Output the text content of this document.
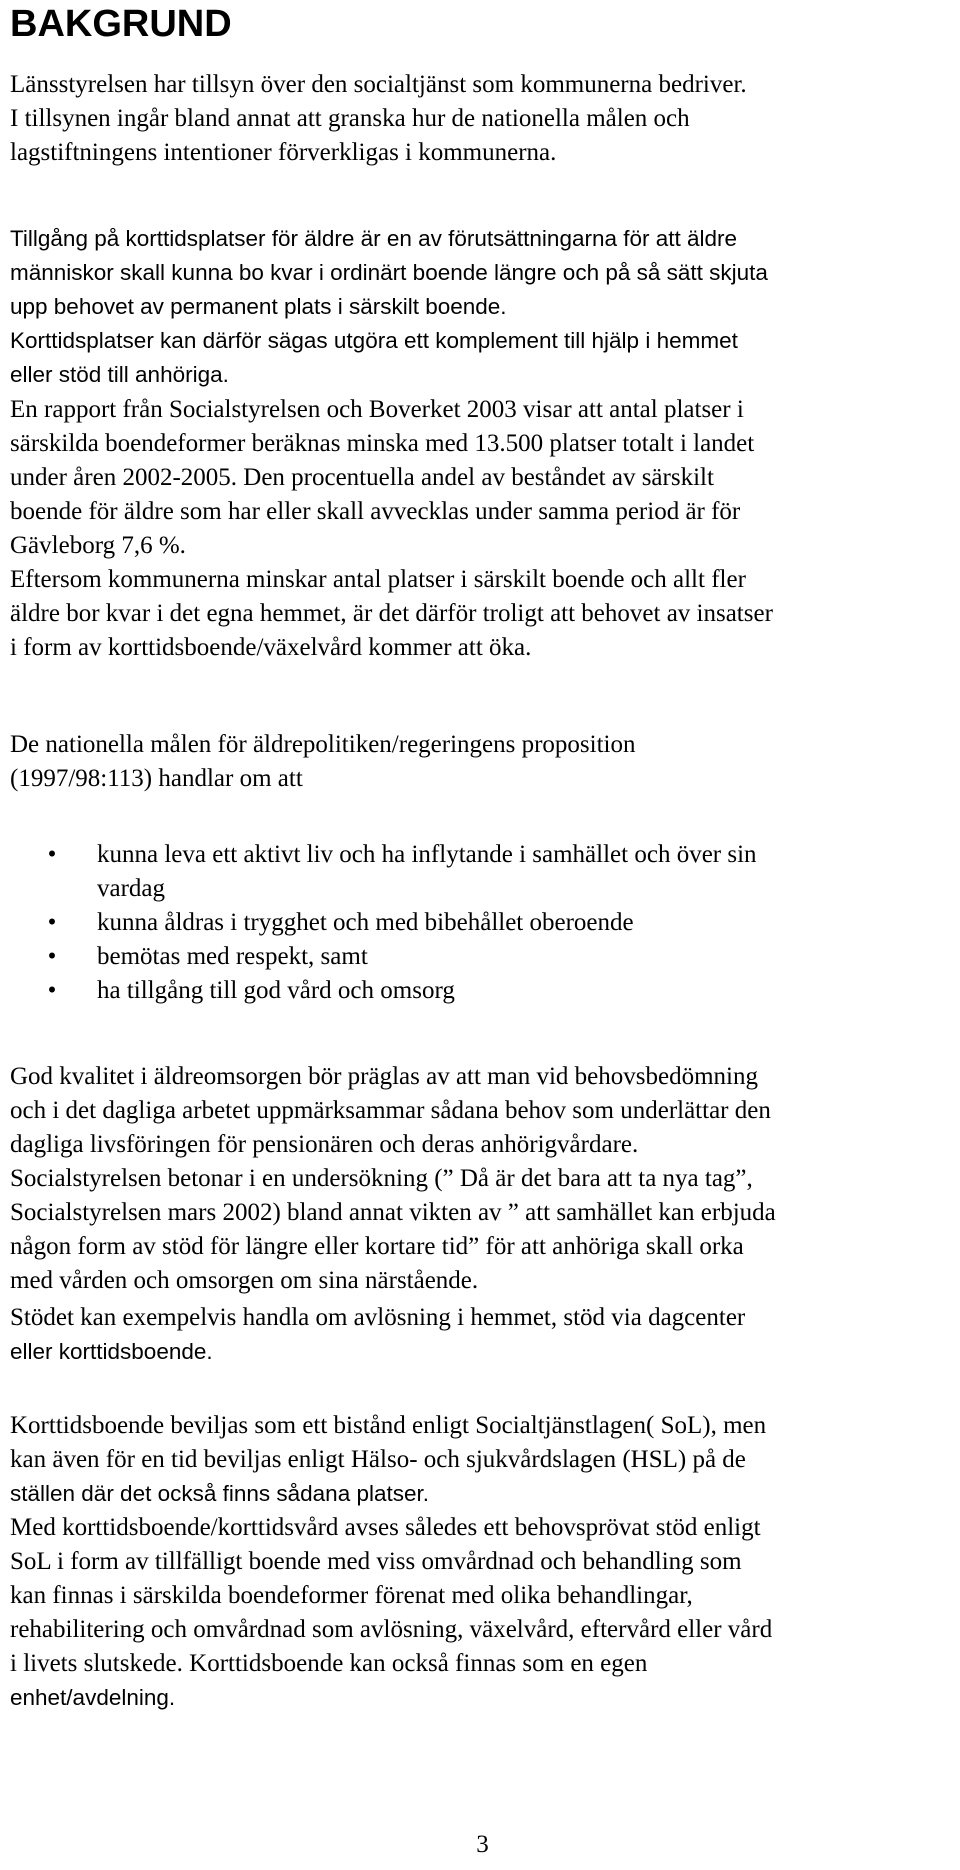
BAKGRUND
Länsstyrelsen har tillsyn över den socialtjänst som kommunerna bedriver.
I tillsynen ingår bland annat att granska hur de nationella målen och
lagstiftningens intentioner förverkligas i kommunerna.
Tillgång på korttidsplatser för äldre är en av förutsättningarna för att äldre
människor skall kunna bo kvar i ordinärt boende längre och på så sätt skjuta
upp behovet av permanent plats i särskilt boende.
Korttidsplatser kan därför sägas utgöra ett komplement till hjälp i hemmet
eller stöd till anhöriga.
En rapport från Socialstyrelsen och Boverket 2003 visar att antal platser i
särskilda boendeformer beräknas minska med 13.500 platser totalt i landet
under åren 2002-2005. Den procentuella andel av beståndet av särskilt
boende för äldre som har eller skall avvecklas under samma period är för
Gävleborg 7,6 %.
Eftersom kommunerna minskar antal platser i särskilt boende och allt fler
äldre bor kvar i det egna hemmet, är det därför troligt att behovet av insatser
i form av korttidsboende/växelvård kommer att öka.
De nationella målen för äldrepolitiken/regeringens proposition
(1997/98:113) handlar om att
• kunna leva ett aktivt liv och ha inflytande i samhället och över sin
vardag
• kunna åldras i trygghet och med bibehållet oberoende
• bemötas med respekt, samt
• ha tillgång till god vård och omsorg
God kvalitet i äldreomsorgen bör präglas av att man vid behovsbedömning
och i det dagliga arbetet uppmärksammar sådana behov som underlättar den
dagliga livsföringen för pensionären och deras anhörigvårdare.
Socialstyrelsen betonar i en undersökning (” Då är det bara att ta nya tag”,
Socialstyrelsen mars 2002) bland annat vikten av ” att samhället kan erbjuda
någon form av stöd för längre eller kortare tid” för att anhöriga skall orka
med vården och omsorgen om sina närstående.
Stödet kan exempelvis handla om avlösning i hemmet, stöd via dagcenter
eller korttidsboende.
Korttidsboende beviljas som ett bistånd enligt Socialtjänstlagen( SoL), men
kan även för en tid beviljas enligt Hälso- och sjukvårdslagen (HSL) på de
ställen där det också finns sådana platser.
Med korttidsboende/korttidsvård avses således ett behovsprövat stöd enligt
SoL i form av tillfälligt boende med viss omvårdnad och behandling som
kan finnas i särskilda boendeformer förenat med olika behandlingar,
rehabilitering och omvårdnad som avlösning, växelvård, eftervård eller vård
i livets slutskede. Korttidsboende kan också finnas som en egen
enhet/avdelning.
3
